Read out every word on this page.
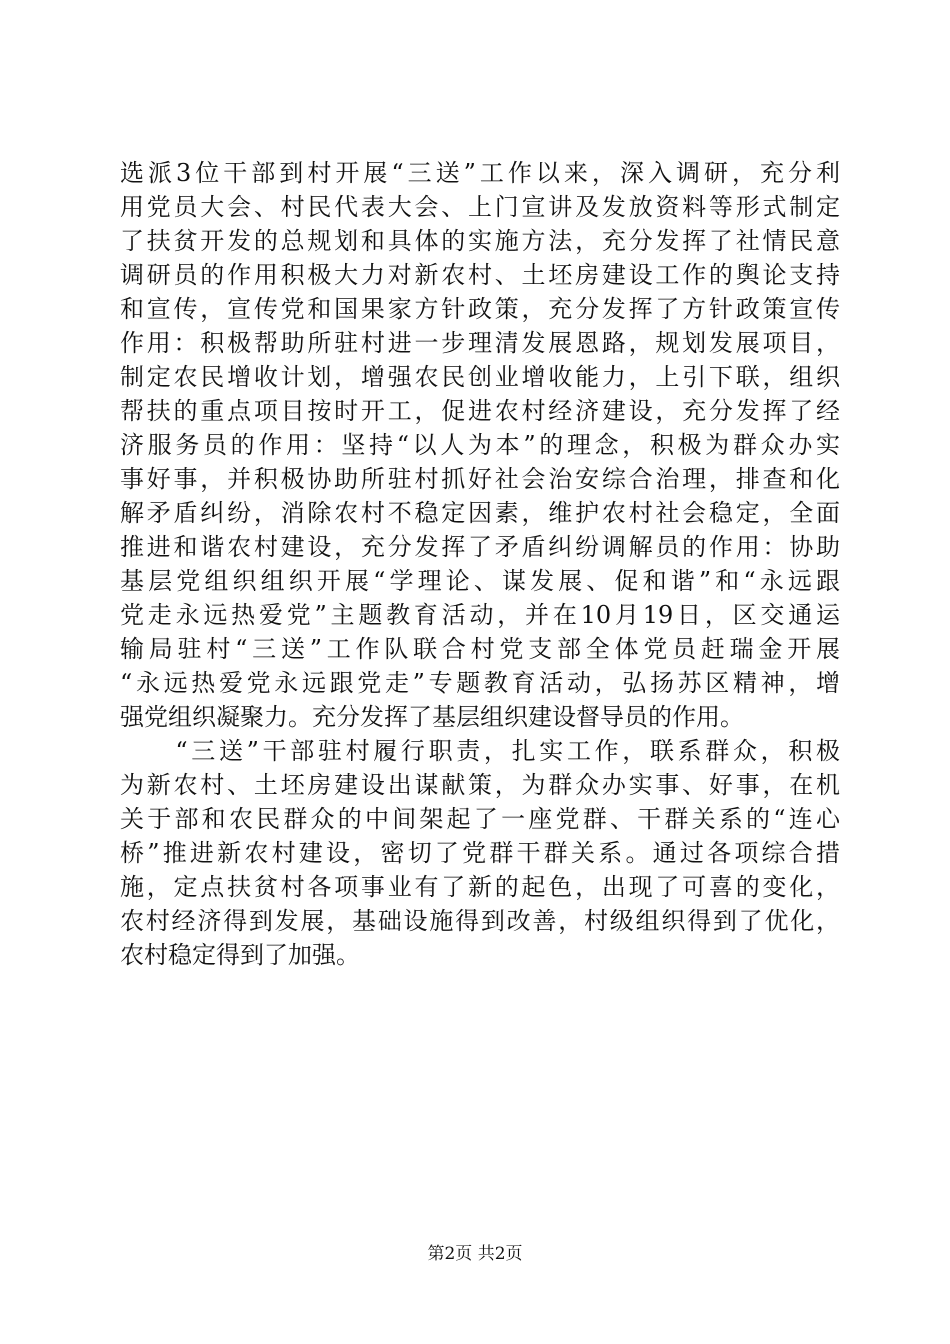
选派3位干部到村开展“三送”工作以来，深入调研，充分利
用党员大会、村民代表大会、上门宣讲及发放资料等形式制定
了扶贫开发的总规划和具体的实施方法，充分发挥了社情民意
调研员的作用积极大力对新农村、土坯房建设工作的舆论支持
和宣传，宣传党和国果家方针政策，充分发挥了方针政策宣传
作用：积极帮助所驻村进一步理清发展恩路，规划发展项目，
制定农民增收计划，增强农民创业增收能力，上引下联，组织
帮扶的重点项目按时开工，促进农村经济建设，充分发挥了经
济服务员的作用：坚持“以人为本”的理念，积极为群众办实
事好事，并积极协助所驻村抓好社会治安综合治理，排查和化
解矛盾纠纷，消除农村不稳定因素，维护农村社会稳定，全面
推进和谐农村建设，充分发挥了矛盾纠纷调解员的作用：协助
基层党组织组织开展“学理论、谋发展、促和谐”和“永远跟
党走永远热爱党”主题教育活动，并在10月19日，区交通运
输局驻村“三送”工作队联合村党支部全体党员赶瑞金开展
“永远热爱党永远跟党走”专题教育活动，弘扬苏区精神，增
强党组织凝聚力。充分发挥了基层组织建设督导员的作用。
　　“三送”干部驻村履行职责，扎实工作，联系群众，积极
为新农村、土坯房建设出谋献策，为群众办实事、好事，在机
关于部和农民群众的中间架起了一座党群、干群关系的“连心
桥”推进新农村建设，密切了党群干群关系。通过各项综合措
施，定点扶贫村各项事业有了新的起色，出现了可喜的变化，
农村经济得到发展，基础设施得到改善，村级组织得到了优化，
农村稳定得到了加强。
第2页 共2页
